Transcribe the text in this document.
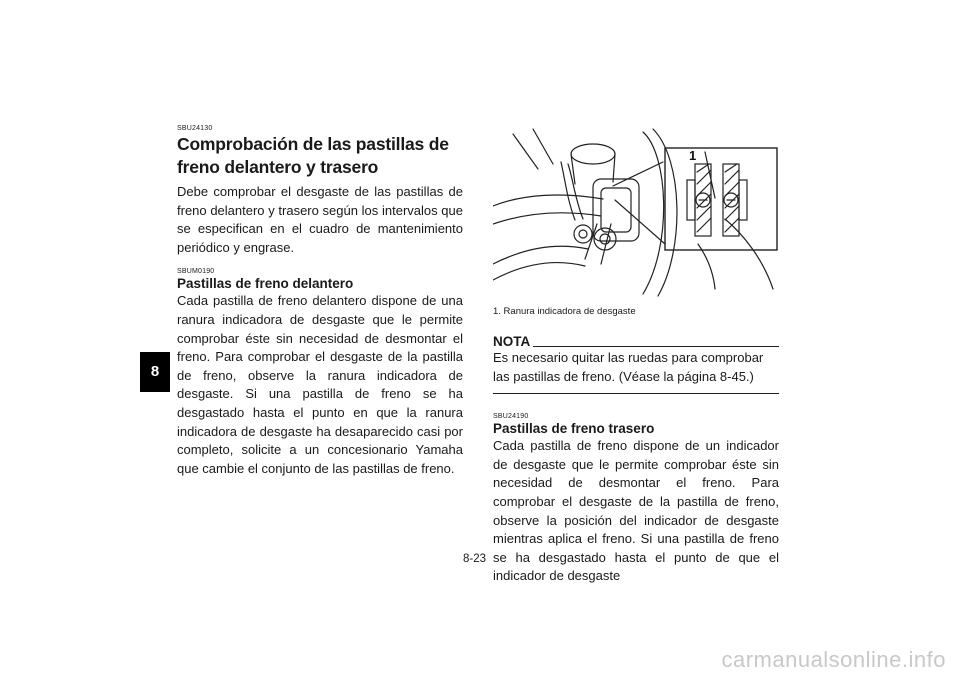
8
SBU24130
Comprobación de las pastillas de freno delantero y trasero

Debe comprobar el desgaste de las pastillas de freno delantero y trasero según los intervalos que se especifican en el cuadro de mantenimiento periódico y engrase.

SBUM0190
Pastillas de freno delantero

Cada pastilla de freno delantero dispone de una ranura indicadora de desgaste que le permite comprobar éste sin necesidad de desmontar el freno. Para comprobar el desgaste de la pastilla de freno, observe la ranura indicadora de desgaste. Si una pastilla de freno se ha desgastado hasta el punto en que la ranura indicadora de desgaste ha desaparecido casi por completo, solicite a un concesionario Yamaha que cambie el conjunto de las pastillas de freno.

1
1. Ranura indicadora de desgaste
NOTA
Es necesario quitar las ruedas para comprobar las pastillas de freno. (Véase la página 8-45.)
SBU24190
Pastillas de freno trasero

Cada pastilla de freno dispone de un indicador de desgaste que le permite comprobar éste sin necesidad de desmontar el freno. Para comprobar el desgaste de la pastilla de freno, observe la posición del indicador de desgaste mientras aplica el freno. Si una pastilla de freno se ha desgastado hasta el punto de que el indicador de desgaste

8-23
carmanualsonline.info
